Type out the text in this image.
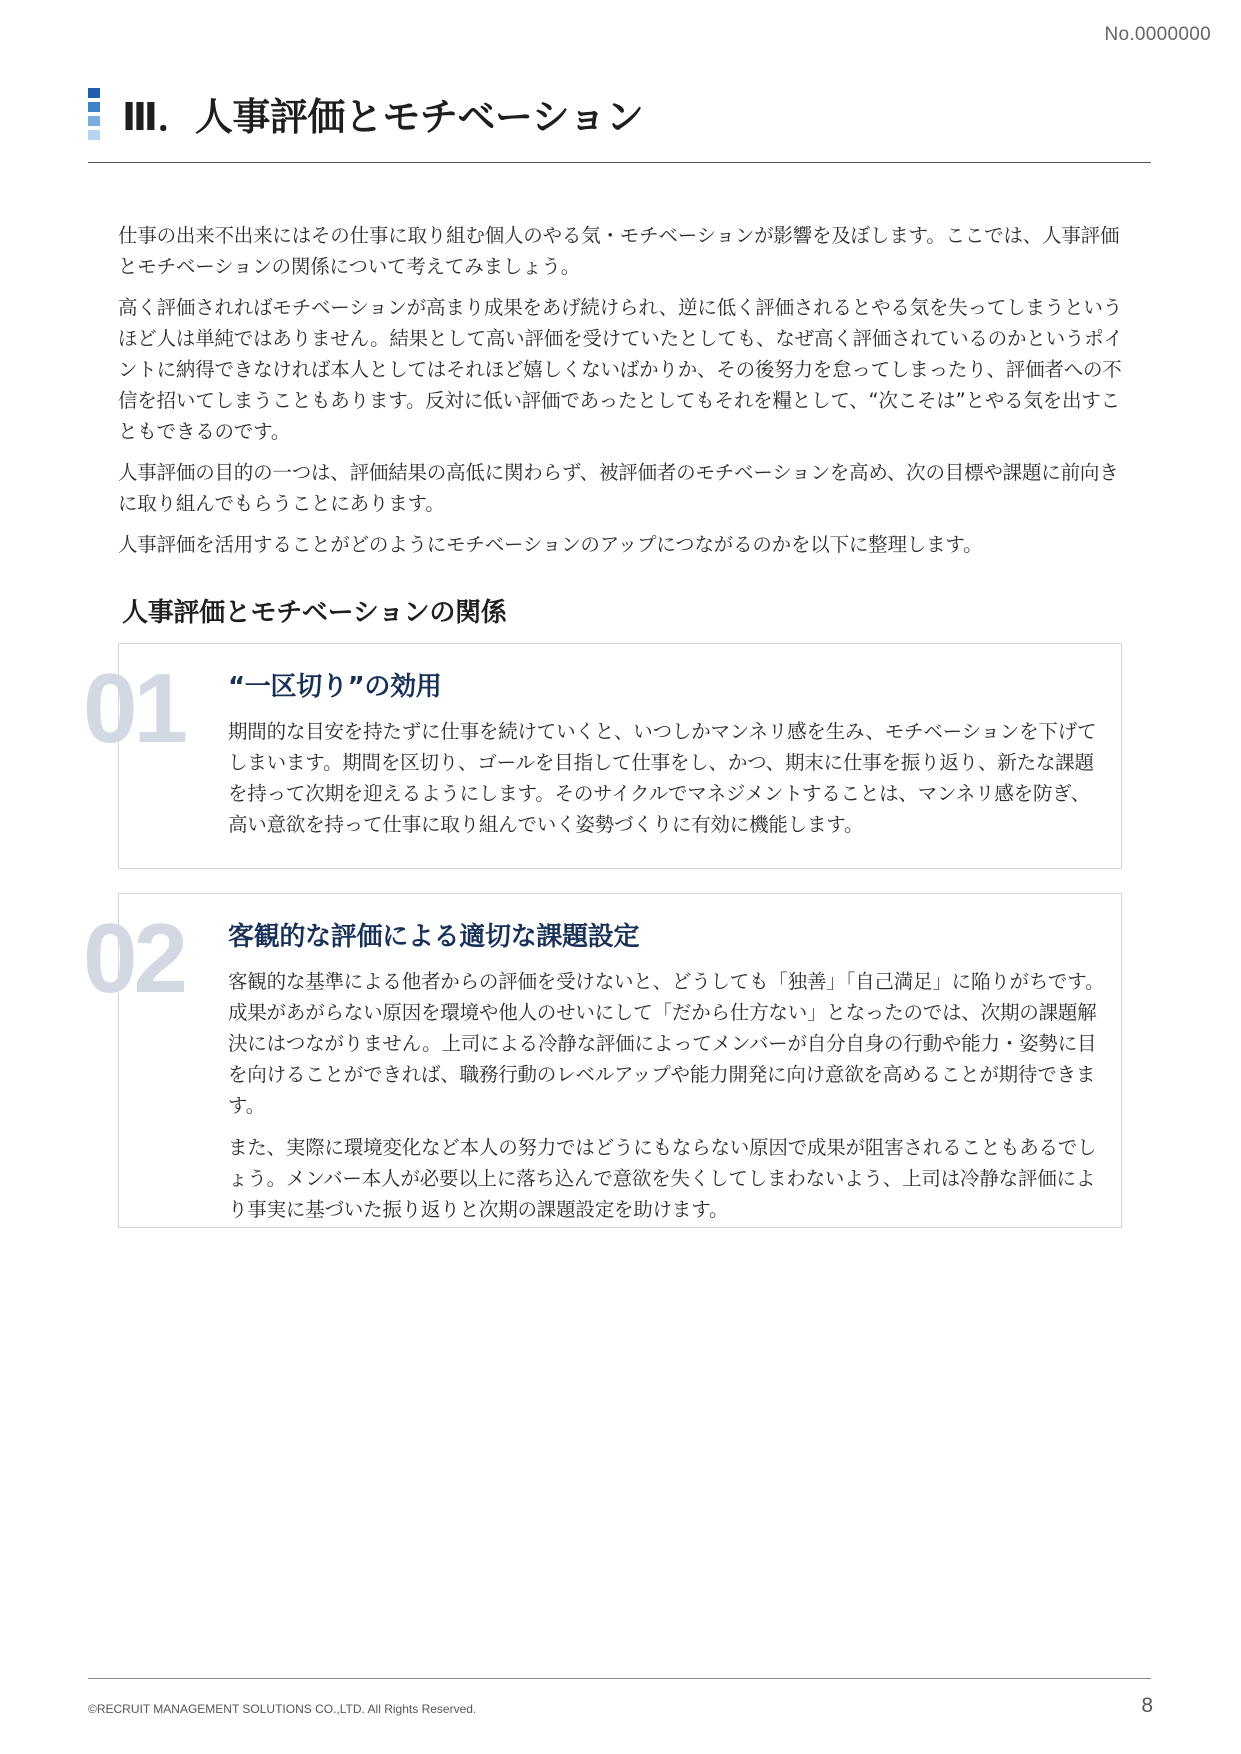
No.0000000
Ⅲ．人事評価とモチベーション

仕事の出来不出来にはその仕事に取り組む個人のやる気・モチベーションが影響を及ぼします。ここでは、人事評価とモチベーションの関係について考えてみましょう。

高く評価されればモチベーションが高まり成果をあげ続けられ、逆に低く評価されるとやる気を失ってしまうというほど人は単純ではありません。結果として高い評価を受けていたとしても、なぜ高く評価されているのかというポイントに納得できなければ本人としてはそれほど嬉しくないばかりか、その後努力を怠ってしまったり、評価者への不信を招いてしまうこともあります。反対に低い評価であったとしてもそれを糧として、“次こそは”とやる気を出すこともできるのです。

人事評価の目的の一つは、評価結果の高低に関わらず、被評価者のモチベーションを高め、次の目標や課題に前向きに取り組んでもらうことにあります。

人事評価を活用することがどのようにモチベーションのアップにつながるのかを以下に整理します。

人事評価とモチベーションの関係
01 “一区切り”の効用

期間的な目安を持たずに仕事を続けていくと、いつしかマンネリ感を生み、モチベーションを下げてしまいます。期間を区切り、ゴールを目指して仕事をし、かつ、期末に仕事を振り返り、新たな課題を持って次期を迎えるようにします。そのサイクルでマネジメントすることは、マンネリ感を防ぎ、高い意欲を持って仕事に取り組んでいく姿勢づくりに有効に機能します。

02 客観的な評価による適切な課題設定

客観的な基準による他者からの評価を受けないと、どうしても「独善」「自己満足」に陥りがちです。成果があがらない原因を環境や他人のせいにして「だから仕方ない」となったのでは、次期の課題解決にはつながりません。上司による冷静な評価によってメンバーが自分自身の行動や能力・姿勢に目を向けることができれば、職務行動のレベルアップや能力開発に向け意欲を高めることが期待できます。

また、実際に環境変化など本人の努力ではどうにもならない原因で成果が阻害されることもあるでしょう。メンバー本人が必要以上に落ち込んで意欲を失くしてしまわないよう、上司は冷静な評価により事実に基づいた振り返りと次期の課題設定を助けます。

©RECRUIT MANAGEMENT SOLUTIONS CO.,LTD. All Rights Reserved.	8
